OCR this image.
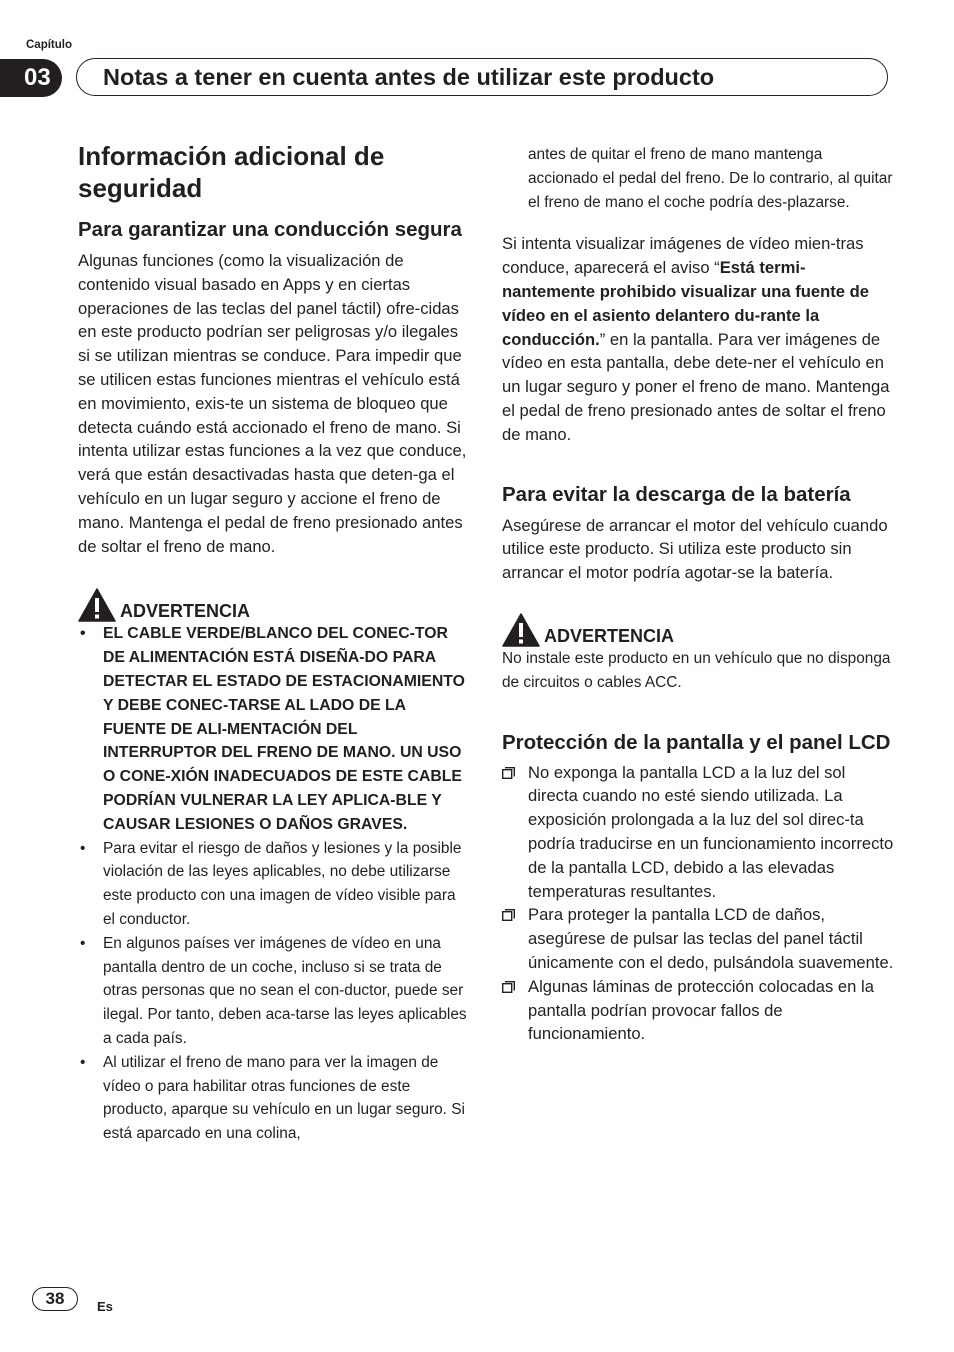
Capítulo
03	Notas a tener en cuenta antes de utilizar este producto
Información adicional de seguridad
Para garantizar una conducción segura

Algunas funciones (como la visualización de contenido visual basado en Apps y en ciertas operaciones de las teclas del panel táctil) ofre-cidas en este producto podrían ser peligrosas y/o ilegales si se utilizan mientras se conduce. Para impedir que se utilicen estas funciones mientras el vehículo está en movimiento, exis-te un sistema de bloqueo que detecta cuándo está accionado el freno de mano. Si intenta utilizar estas funciones a la vez que conduce, verá que están desactivadas hasta que deten-ga el vehículo en un lugar seguro y accione el freno de mano. Mantenga el pedal de freno presionado antes de soltar el freno de mano.

ADVERTENCIA
• EL CABLE VERDE/BLANCO DEL CONEC-TOR DE ALIMENTACIÓN ESTÁ DISEÑA-DO PARA DETECTAR EL ESTADO DE ESTACIONAMIENTO Y DEBE CONEC-TARSE AL LADO DE LA FUENTE DE ALI-MENTACIÓN DEL INTERRUPTOR DEL FRENO DE MANO. UN USO O CONE-XIÓN INADECUADOS DE ESTE CABLE PODRÍAN VULNERAR LA LEY APLICA-BLE Y CAUSAR LESIONES O DAÑOS GRAVES.
• Para evitar el riesgo de daños y lesiones y la posible violación de las leyes aplicables, no debe utilizarse este producto con una imagen de vídeo visible para el conductor.
• En algunos países ver imágenes de vídeo en una pantalla dentro de un coche, incluso si se trata de otras personas que no sean el con-ductor, puede ser ilegal. Por tanto, deben aca-tarse las leyes aplicables a cada país.
• Al utilizar el freno de mano para ver la imagen de vídeo o para habilitar otras funciones de este producto, aparque su vehículo en un lugar seguro. Si está aparcado en una colina,

antes de quitar el freno de mano mantenga accionado el pedal del freno. De lo contrario, al quitar el freno de mano el coche podría des-plazarse.

Si intenta visualizar imágenes de vídeo mien-tras conduce, aparecerá el aviso “Está termi-nantemente prohibido visualizar una fuente de vídeo en el asiento delantero du-rante la conducción.” en la pantalla. Para ver imágenes de vídeo en esta pantalla, debe dete-ner el vehículo en un lugar seguro y poner el freno de mano. Mantenga el pedal de freno presionado antes de soltar el freno de mano.

Para evitar la descarga de la batería

Asegúrese de arrancar el motor del vehículo cuando utilice este producto. Si utiliza este producto sin arrancar el motor podría agotar-se la batería.

ADVERTENCIA

No instale este producto en un vehículo que no disponga de circuitos o cables ACC.

Protección de la pantalla y el panel LCD
No exponga la pantalla LCD a la luz del sol directa cuando no esté siendo utilizada. La exposición prolongada a la luz del sol direc-ta podría traducirse en un funcionamiento incorrecto de la pantalla LCD, debido a las elevadas temperaturas resultantes.
Para proteger la pantalla LCD de daños, asegúrese de pulsar las teclas del panel táctil únicamente con el dedo, pulsándola suavemente.
Algunas láminas de protección colocadas en la pantalla podrían provocar fallos de funcionamiento.
38	Es
